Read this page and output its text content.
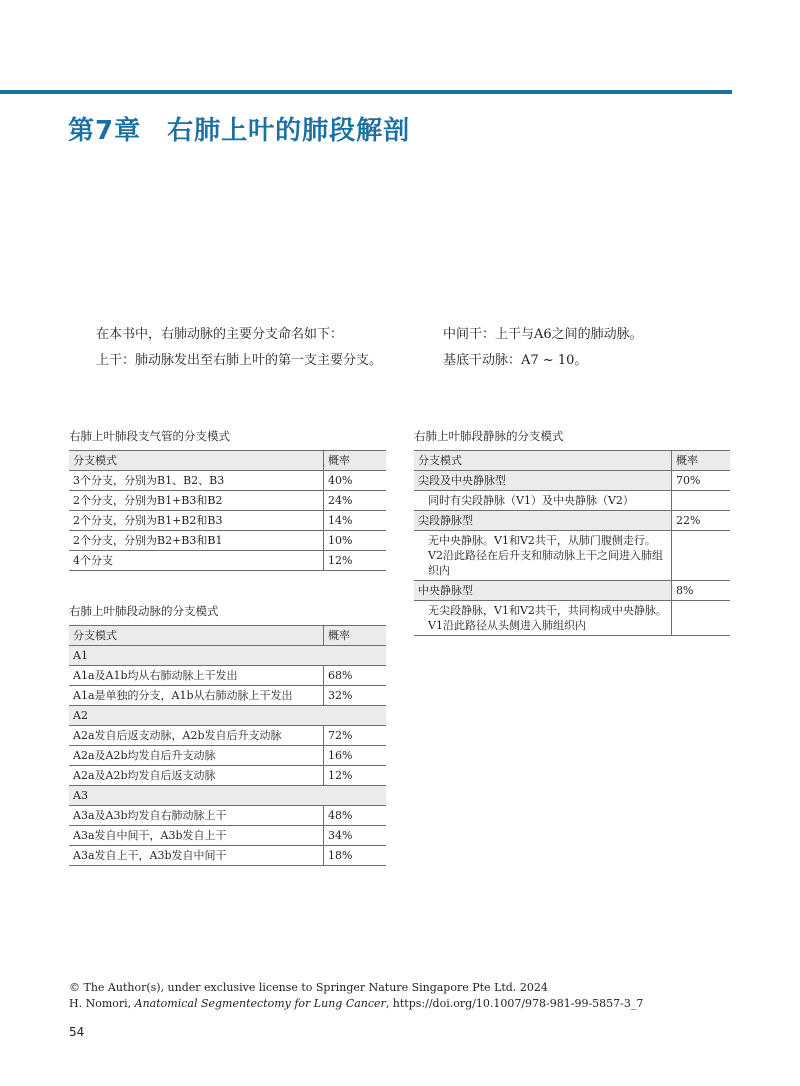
第7章 右肺上叶的肺段解剖

在本书中，右肺动脉的主要分支命名如下：

上干：肺动脉发出至右肺上叶的第一支主要分支。

中间干：上干与A6之间的肺动脉。

基底干动脉：A7 ~ 10。

右肺上叶肺段支气管的分支模式
分支模式	概率
3个分支，分别为B1、B2、B3	40%
2个分支，分别为B1+B3和B2	24%
2个分支，分别为B1+B2和B3	14%
2个分支，分别为B2+B3和B1	10%
4个分支	12%
右肺上叶肺段动脉的分支模式
分支模式	概率
A1	
A1a及A1b均从右肺动脉上干发出	68%
A1a是单独的分支，A1b从右肺动脉上干发出	32%
A2	
A2a发自后返支动脉，A2b发自后升支动脉	72%
A2a及A2b均发自后升支动脉	16%
A2a及A2b均发自后返支动脉	12%
A3	
A3a及A3b均发自右肺动脉上干	48%
A3a发自中间干，A3b发自上干	34%
A3a发自上干，A3b发自中间干	18%
右肺上叶肺段静脉的分支模式
分支模式	概率
尖段及中央静脉型	70%
同时有尖段静脉（V1）及中央静脉（V2）	
尖段静脉型	22%
无中央静脉。V1和V2共干，从肺门腹侧走行。V2沿此路径在后升支和肺动脉上干之间进入肺组织内	
中央静脉型	8%
无尖段静脉，V1和V2共干，共同构成中央静脉。V1沿此路径从头侧进入肺组织内	

© The Author(s), under exclusive license to Springer Nature Singapore Pte Ltd. 2024

H. Nomori, Anatomical Segmentectomy for Lung Cancer, https://doi.org/10.1007/978-981-99-5857-3_7

54
